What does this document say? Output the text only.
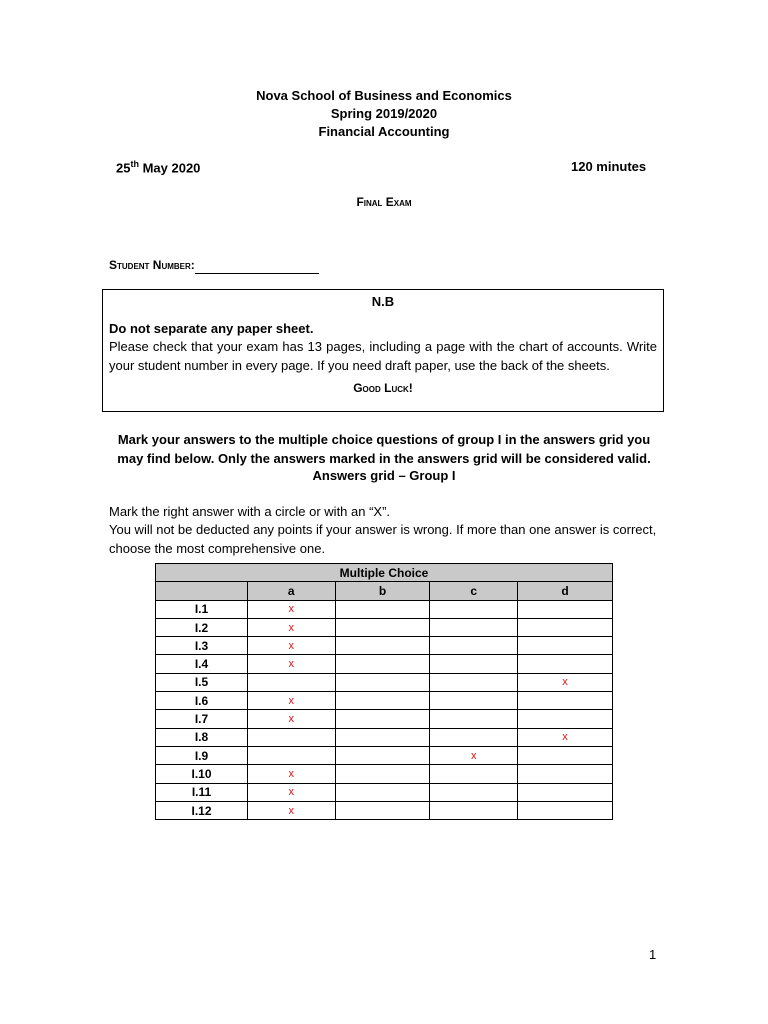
Nova School of Business and Economics
Spring 2019/2020
Financial Accounting
25th May 2020	120 minutes
Final Exam
Student Number:
N.B
Do not separate any paper sheet.
Please check that your exam has 13 pages, including a page with the chart of accounts. Write your student number in every page. If you need draft paper, use the back of the sheets.
Good Luck!
Mark your answers to the multiple choice questions of group I in the answers grid you may find below. Only the answers marked in the answers grid will be considered valid.
Answers grid – Group I
Mark the right answer with a circle or with an “X”.
You will not be deducted any points if your answer is wrong. If more than one answer is correct, choose the most comprehensive one.
Multiple Choice				
	a	b	c	d
I.1	x			
I.2	x			
I.3	x			
I.4	x			
I.5				x
I.6	x			
I.7	x			
I.8				x
I.9			x	
I.10	x			
I.11	x			
I.12	x			
1
